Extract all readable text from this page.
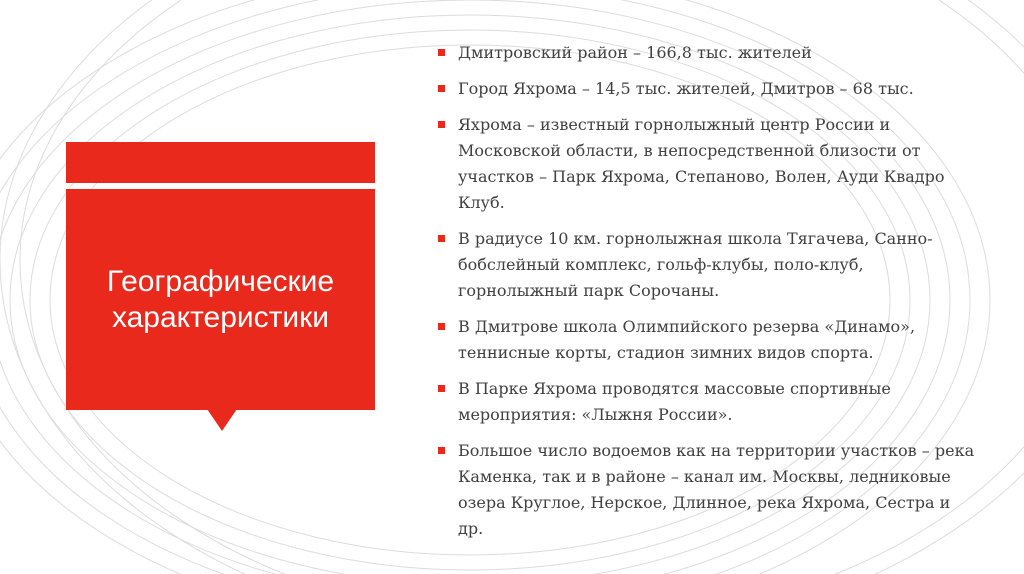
Географические характеристики
Дмитровский район – 166,8 тыс. жителей
Город Яхрома – 14,5 тыс. жителей, Дмитров – 68 тыс.
Яхрома – известный горнолыжный центр России и Московской области, в непосредственной близости от участков – Парк Яхрома, Степаново, Волен, Ауди Квадро Клуб.
В радиусе 10 км. горнолыжная школа Тягачева, Санно-бобслейный комплекс, гольф-клубы, поло-клуб, горнолыжный парк Сорочаны.
В Дмитрове школа Олимпийского резерва «Динамо», теннисные корты, стадион зимних видов спорта.
В Парке Яхрома проводятся массовые спортивные мероприятия: «Лыжня России».
Большое число водоемов как на территории участков – река Каменка, так и в районе – канал им. Москвы, ледниковые озера Круглое, Нерское, Длинное, река Яхрома, Сестра и др.
